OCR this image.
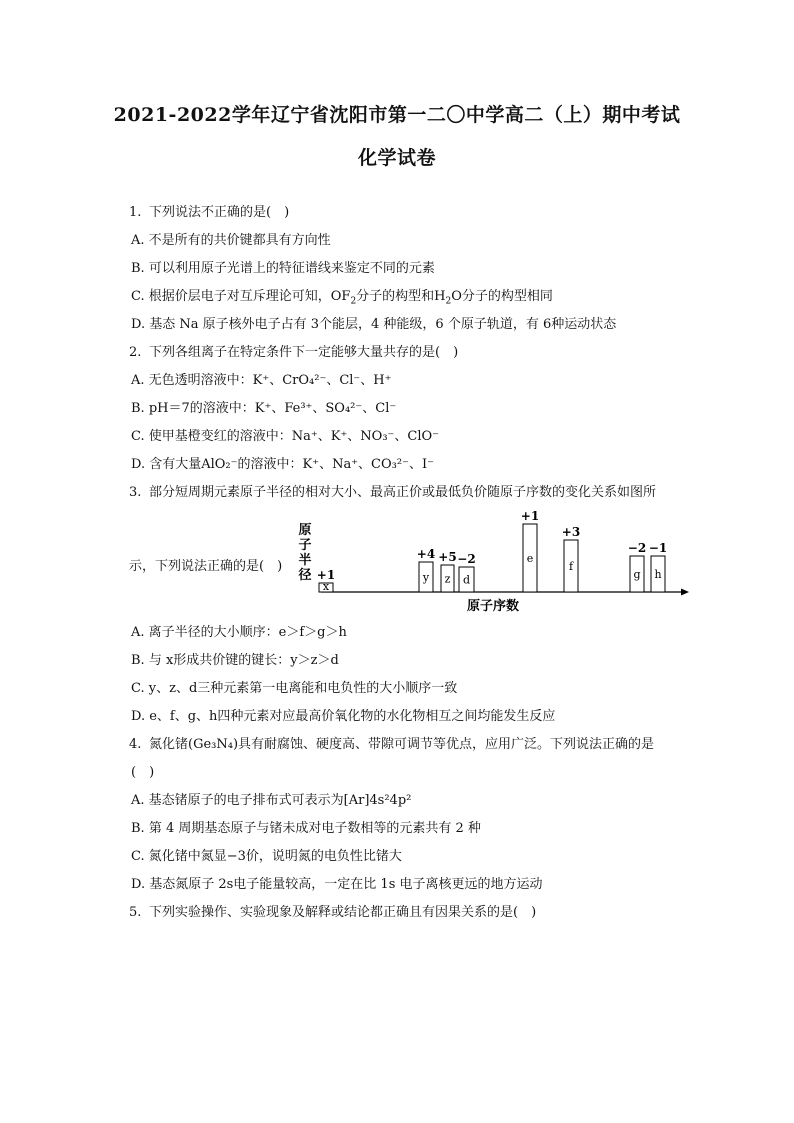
2021-2022学年辽宁省沈阳市第一二〇中学高二（上）期中考试
化学试卷
1. 下列说法不正确的是(　)
A. 不是所有的共价键都具有方向性
B. 可以利用原子光谱上的特征谱线来鉴定不同的元素
C. 根据价层电子对互斥理论可知，$OF_2$分子的构型和$H_2O$分子的构型相同
D. 基态 Na 原子核外电子占有 3个能层，4 种能级，6 个原子轨道，有 6种运动状态
2. 下列各组离子在特定条件下一定能够大量共存的是(　)
A. 无色透明溶液中：K⁺、CrO₄²⁻、Cl⁻、H⁺
B. pH＝7的溶液中：K⁺、Fe³⁺、SO₄²⁻、Cl⁻
C. 使甲基橙变红的溶液中：Na⁺、K⁺、NO₃⁻、ClO⁻
D. 含有大量AlO₂⁻的溶液中：K⁺、Na⁺、CO₃²⁻、I⁻
3. 部分短周期元素原子半径的相对大小、最高正价或最低负价随原子序数的变化关系如图所
示，下列说法正确的是(　)
原
子
半
径
x
+1	y
+4
z
+5
d
−2	e
+1
f
+3
g
−2
h
−1
原子序数
A. 离子半径的大小顺序：e＞f＞g＞h
B. 与 x形成共价键的键长：y＞z＞d
C. y、z、d三种元素第一电离能和电负性的大小顺序一致
D. e、f、g、h四种元素对应最高价氧化物的水化物相互之间均能发生反应
4. 氮化锗(Ge₃N₄)具有耐腐蚀、硬度高、带隙可调节等优点，应用广泛。下列说法正确的是
(　)
A. 基态锗原子的电子排布式可表示为[Ar]4s²4p²
B. 第 4 周期基态原子与锗未成对电子数相等的元素共有 2 种
C. 氮化锗中氮显−3价，说明氮的电负性比锗大
D. 基态氮原子 2s电子能量较高，一定在比 1s 电子离核更远的地方运动
5. 下列实验操作、实验现象及解释或结论都正确且有因果关系的是(　)
